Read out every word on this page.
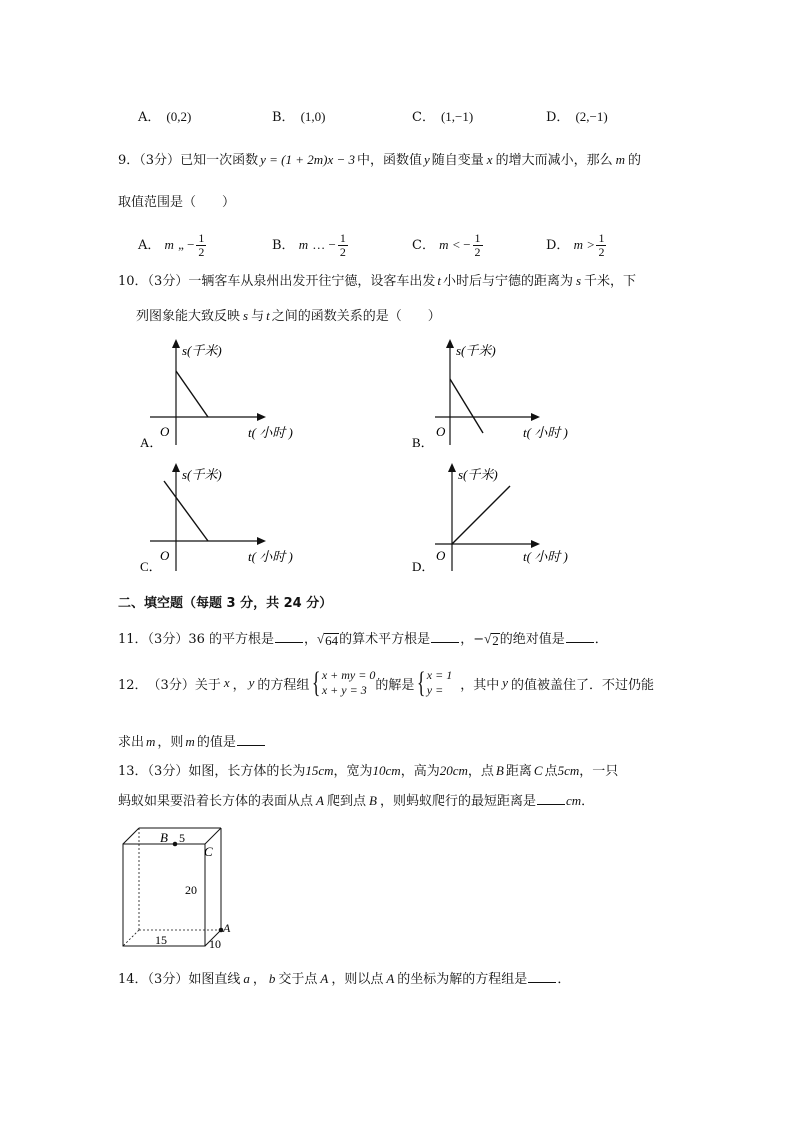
A． (0,2)	B． (1,0)	C． (1,−1)	D． (2,−1)
9．（3分）已知一次函数 y = (1 + 2m)x − 3 中，函数值 y 随自变量 x 的增大而减小，那么 m 的
取值范围是（　　）
A． m „ − $\frac{1}{2}$	B． m … − $\frac{1}{2}$	C． m < − $\frac{1}{2}$	D． $m > \frac{1}{2}$
10．（3分）一辆客车从泉州出发开往宁德，设客车出发 t 小时后与宁德的距离为 s 千米，下
列图象能大致反映 s 与 t 之间的函数关系的是（　　）
s(千米)
t( 小时 )
O
A．
s(千米)
t( 小时 )
O
B．
s(千米)
t( 小时 )
O
C．
s(千米)
t( 小时 )
O
D．
二、填空题（每题 3 分，共 24 分）
11．（3分）36 的平方根是 ， √ 64 的算术平方根是 ，− √ 2 的绝对值是 ．
12． （3分） 关于 x ， y 的方程组 { x + my = 0
x + y = 3 的解是 { x = 1
y =	，其中 y 的值被盖住了．不过仍能
求出 m ，则 m 的值是
13．（3分）如图，长方体的长为15cm，宽为10cm，高为20cm，点 B 距离 C 点5cm，一只
蚂蚁如果要沿着长方体的表面从点 A 爬到点 B ，则蚂蚁爬行的最短距离是 cm．
B 5
C
20
A
15	10
14．（3分）如图直线 a ， b 交于点 A ，则以点 A 的坐标为解的方程组是 ．
